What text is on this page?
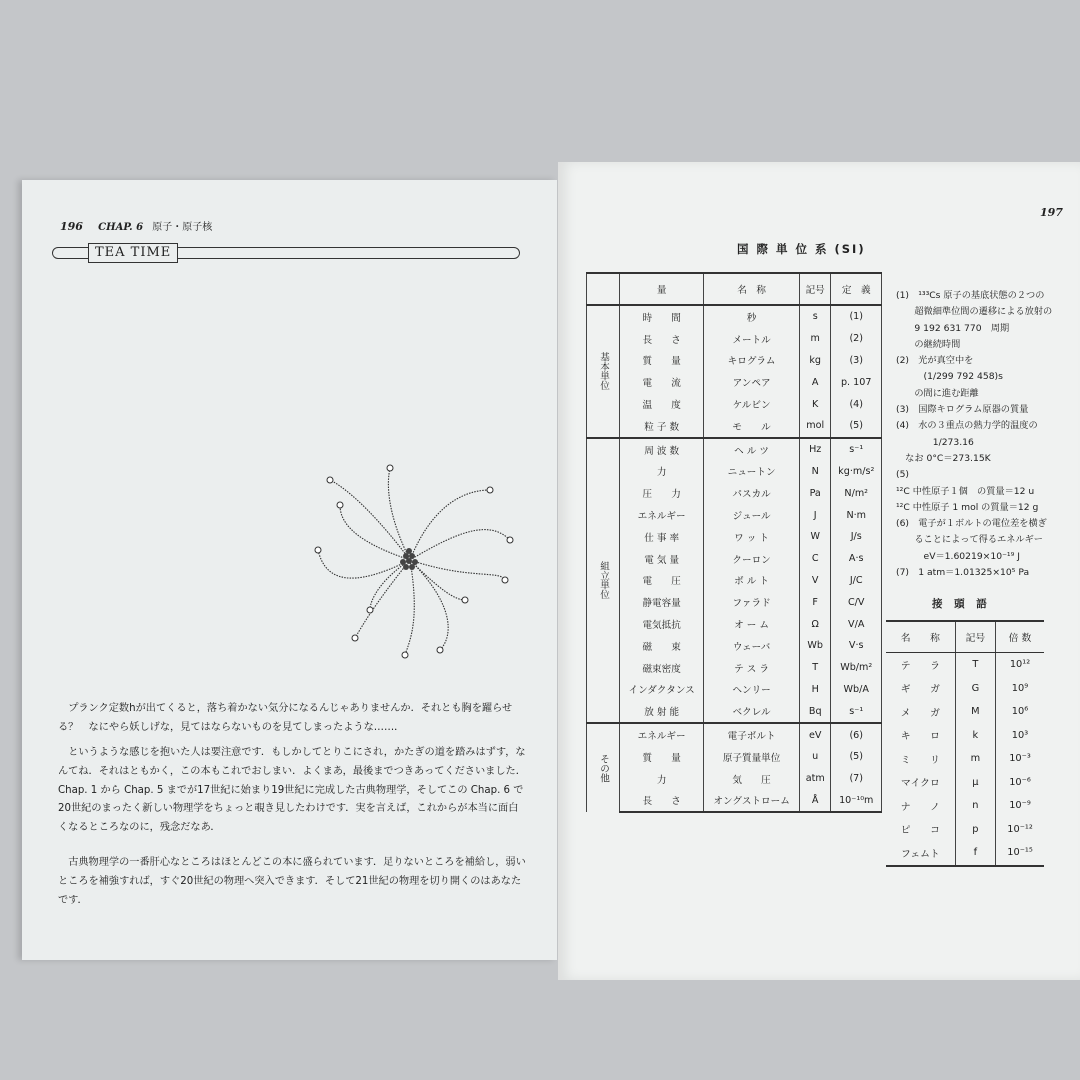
196 CHAP. 6 原子・原子核
TEA TIME
プランク定数hが出てくると，落ち着かない気分になるんじゃありませんか．それとも胸を躍らせる？　なにやら妖しげな，見てはならないものを見てしまったような……．
というような感じを抱いた人は要注意です．もしかしてとりこにされ，かたぎの道を踏みはずす，なんてね．それはともかく，この本もこれでおしまい．よくまあ，最後までつきあってくださいました．Chap. 1 から Chap. 5 までが17世紀に始まり19世紀に完成した古典物理学，そしてこの Chap. 6 で20世紀のまったく新しい物理学をちょっと覗き見したわけです．実を言えば，これからが本当に面白くなるところなのに，残念だなあ．
古典物理学の一番肝心なところはほとんどこの本に盛られています．足りないところを補給し，弱いところを補強すれば，すぐ20世紀の物理へ突入できます．そして21世紀の物理を切り開くのはあなたです．
197
国 際 単 位 系 (SI)
	量	名　称	記号	定　義
基本単位	時　　間	秒	s	(1)
	長　　さ	メートル	m	(2)
	質　　量	キログラム	kg	(3)
	電　　流	アンペア	A	p. 107
	温　　度	ケルビン	K	(4)
	粒 子 数	モ　　ル	mol	(5)
組立単位	周 波 数	ヘ ル ツ	Hz	s⁻¹
	力	ニュートン	N	kg·m/s²
	圧　　力	パスカル	Pa	N/m²
	エネルギー	ジュール	J	N·m
	仕 事 率	ワ ッ ト	W	J/s
	電 気 量	クーロン	C	A·s
	電　　圧	ボ ル ト	V	J/C
	静電容量	ファラド	F	C/V
	電気抵抗	オ ー ム	Ω	V/A
	磁　　束	ウェーバ	Wb	V·s
	磁束密度	テ ス ラ	T	Wb/m²
	インダクタンス	ヘンリー	H	Wb/A
	放 射 能	ベクレル	Bq	s⁻¹
その他	エネルギー	電子ボルト	eV	(6)
	質　　量	原子質量単位	u	(5)
	力	気　　圧	atm	(7)
	長　　さ	オングストローム	Å	10⁻¹⁰m
(1)　¹³³Cs 原子の基底状態の２つの
　　超微細準位間の遷移による放射の
　　9 192 631 770　周期
　　の継続時間
(2)　光が真空中を
　　　(1/299 792 458)s
　　の間に進む距離
(3)　国際キログラム原器の質量
(4)　水の３重点の熱力学的温度の
　　　　1/273.16
　なお 0°C＝273.15K
(5)
¹²C 中性原子１個　の質量＝12 u
¹²C 中性原子 1 mol の質量＝12 g
(6)　電子が１ボルトの電位差を横ぎ
　　ることによって得るエネルギー
　　　eV＝1.60219×10⁻¹⁹ J
(7)　1 atm＝1.01325×10⁵ Pa
接 頭 語
名　　称	記号	倍 数
テ　　ラ	T	10¹²
ギ　　ガ	G	10⁹
メ　　ガ	M	10⁶
キ　　ロ	k	10³
ミ　　リ	m	10⁻³
マイクロ	μ	10⁻⁶
ナ　　ノ	n	10⁻⁹
ピ　　コ	p	10⁻¹²
フェムト	f	10⁻¹⁵
